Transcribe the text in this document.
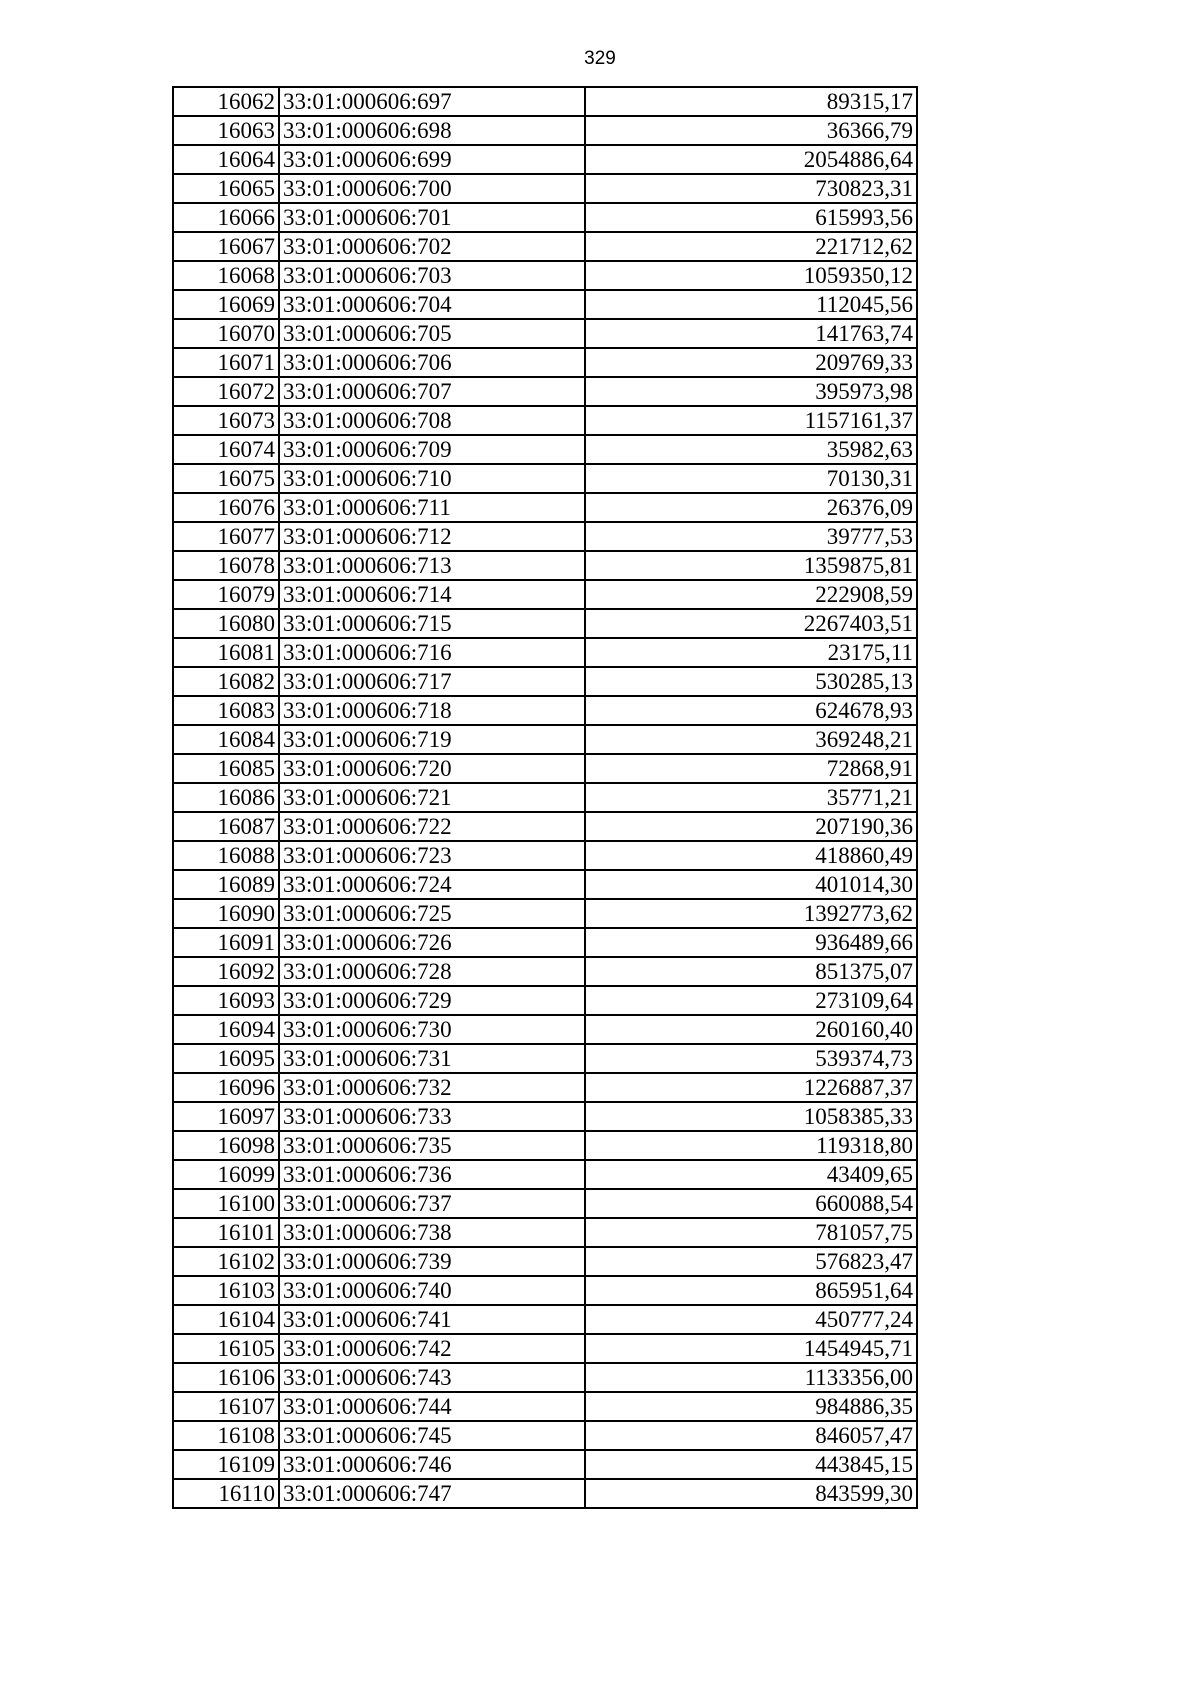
329
16062	33:01:000606:697	89315,17
16063	33:01:000606:698	36366,79
16064	33:01:000606:699	2054886,64
16065	33:01:000606:700	730823,31
16066	33:01:000606:701	615993,56
16067	33:01:000606:702	221712,62
16068	33:01:000606:703	1059350,12
16069	33:01:000606:704	112045,56
16070	33:01:000606:705	141763,74
16071	33:01:000606:706	209769,33
16072	33:01:000606:707	395973,98
16073	33:01:000606:708	1157161,37
16074	33:01:000606:709	35982,63
16075	33:01:000606:710	70130,31
16076	33:01:000606:711	26376,09
16077	33:01:000606:712	39777,53
16078	33:01:000606:713	1359875,81
16079	33:01:000606:714	222908,59
16080	33:01:000606:715	2267403,51
16081	33:01:000606:716	23175,11
16082	33:01:000606:717	530285,13
16083	33:01:000606:718	624678,93
16084	33:01:000606:719	369248,21
16085	33:01:000606:720	72868,91
16086	33:01:000606:721	35771,21
16087	33:01:000606:722	207190,36
16088	33:01:000606:723	418860,49
16089	33:01:000606:724	401014,30
16090	33:01:000606:725	1392773,62
16091	33:01:000606:726	936489,66
16092	33:01:000606:728	851375,07
16093	33:01:000606:729	273109,64
16094	33:01:000606:730	260160,40
16095	33:01:000606:731	539374,73
16096	33:01:000606:732	1226887,37
16097	33:01:000606:733	1058385,33
16098	33:01:000606:735	119318,80
16099	33:01:000606:736	43409,65
16100	33:01:000606:737	660088,54
16101	33:01:000606:738	781057,75
16102	33:01:000606:739	576823,47
16103	33:01:000606:740	865951,64
16104	33:01:000606:741	450777,24
16105	33:01:000606:742	1454945,71
16106	33:01:000606:743	1133356,00
16107	33:01:000606:744	984886,35
16108	33:01:000606:745	846057,47
16109	33:01:000606:746	443845,15
16110	33:01:000606:747	843599,30
